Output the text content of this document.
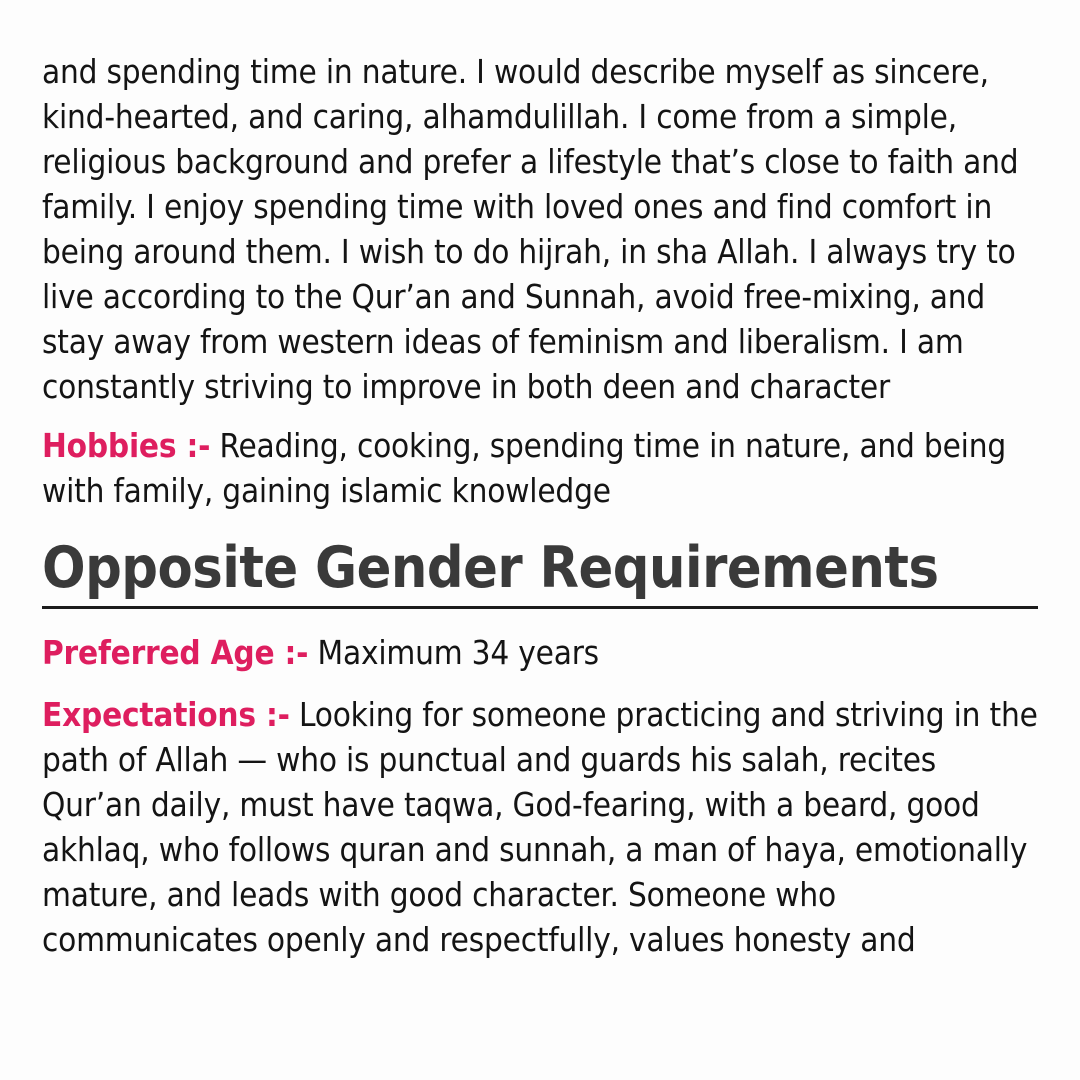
and spending time in nature. I would describe myself as sincere, kind-hearted, and caring, alhamdulillah. I come from a simple, religious background and prefer a lifestyle that’s close to faith and family. I enjoy spending time with loved ones and find comfort in being around them. I wish to do hijrah, in sha Allah. I always try to live according to the Qur’an and Sunnah, avoid free-mixing, and stay away from western ideas of feminism and liberalism. I am constantly striving to improve in both deen and character

Hobbies :- Reading, cooking, spending time in nature, and being with family, gaining islamic knowledge

Opposite Gender Requirements

Preferred Age :- Maximum 34 years

Expectations :- Looking for someone practicing and striving in the path of Allah — who is punctual and guards his salah, recites Qur’an daily, must have taqwa, God-fearing, with a beard, good akhlaq, who follows quran and sunnah, a man of haya, emotionally mature, and leads with good character. Someone who communicates openly and respectfully, values honesty and
